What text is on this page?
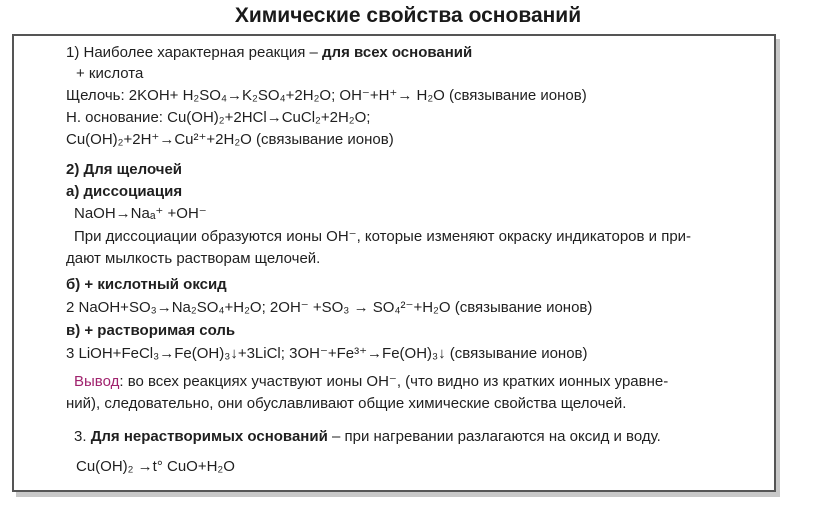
Химические свойства оснований
1) Наиболее характерная реакция – для всех оснований
+ кислота
Щелочь: 2KOH+ H₂SO₄→K₂SO₄+2H₂O; OH⁻+H⁺→ H₂O (связывание ионов)
Н. основание: Cu(OH)₂+2HCl→CuCl₂+2H₂O;
Cu(OH)₂+2H⁺→Cu²⁺+2H₂O (связывание ионов)
2) Для щелочей
а) диссоциация
NaOH→Naₐ⁺ +OH⁻
При диссоциации образуются ионы ОН⁻, которые изменяют окраску индикаторов и при-
дают мылкость растворам щелочей.
б) + кислотный оксид
2 NaOH+SO₃→Na₂SO₄+H₂O; 2OH⁻ +SO₃ → SO₄²⁻+H₂O (связывание ионов)
в) + растворимая соль
3 LiOH+FeCl₃→Fe(OH)₃↓+3LiCl; 3OH⁻+Fe³⁺→Fe(OH)₃↓ (связывание ионов)
Вывод: во всех реакциях участвуют ионы ОН⁻, (что видно из кратких ионных уравне-
ний), следовательно, они обуславливают общие химические свойства щелочей.
3. Для нерастворимых оснований – при нагревании разлагаются на оксид и воду.
Cu(OH)₂ →t° CuO+H₂O
